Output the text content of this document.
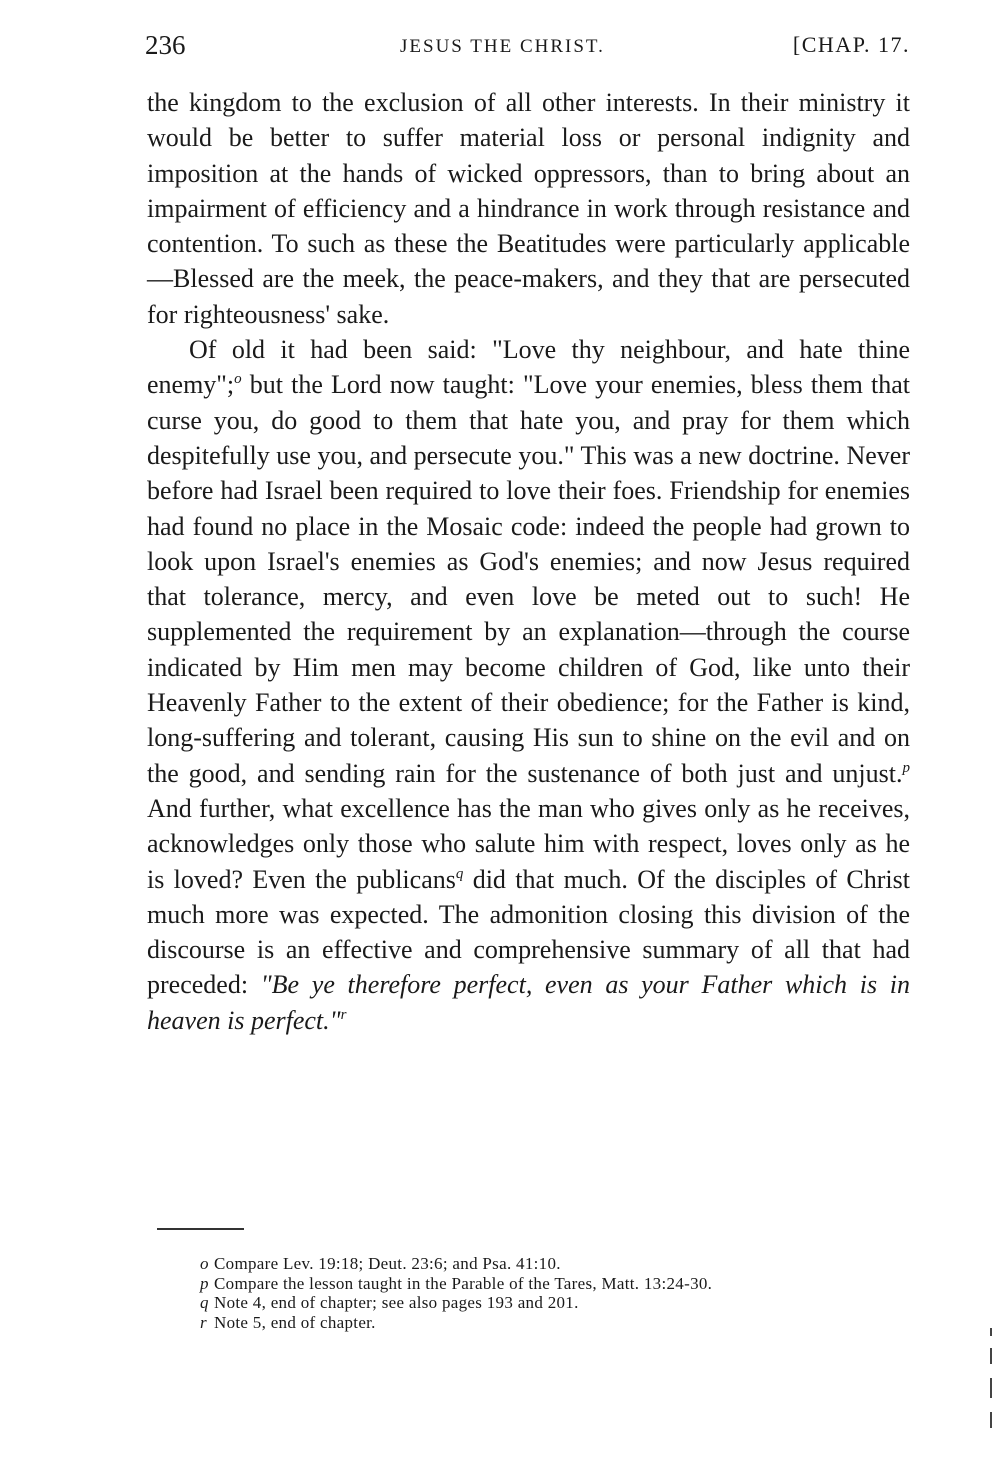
236	JESUS THE CHRIST.	[CHAP. 17.

the kingdom to the exclusion of all other interests. In their ministry it would be better to suffer material loss or personal indignity and imposition at the hands of wicked oppressors, than to bring about an impairment of efficiency and a hindrance in work through resistance and contention. To such as these the Beatitudes were particularly applicable—Blessed are the meek, the peace-makers, and they that are persecuted for righteousness' sake.

Of old it had been said: "Love thy neighbour, and hate thine enemy";$^o$ but the Lord now taught: "Love your enemies, bless them that curse you, do good to them that hate you, and pray for them which despitefully use you, and persecute you." This was a new doctrine. Never before had Israel been required to love their foes. Friendship for enemies had found no place in the Mosaic code: indeed the people had grown to look upon Israel's enemies as God's enemies; and now Jesus required that tolerance, mercy, and even love be meted out to such! He supplemented the requirement by an explanation—through the course indicated by Him men may become children of God, like unto their Heavenly Father to the extent of their obedience; for the Father is kind, long-suffering and tolerant, causing His sun to shine on the evil and on the good, and sending rain for the sustenance of both just and unjust.$^p$ And further, what excellence has the man who gives only as he receives, acknowledges only those who salute him with respect, loves only as he is loved? Even the publicans$^q$ did that much. Of the disciples of Christ much more was expected. The admonition closing this division of the discourse is an effective and comprehensive summary of all that had preceded: "Be ye therefore perfect, even as your Father which is in heaven is perfect."$^r$

o Compare Lev. 19:18; Deut. 23:6; and Psa. 41:10.
p Compare the lesson taught in the Parable of the Tares, Matt. 13:24-30.
q Note 4, end of chapter; see also pages 193 and 201.
r Note 5, end of chapter.
